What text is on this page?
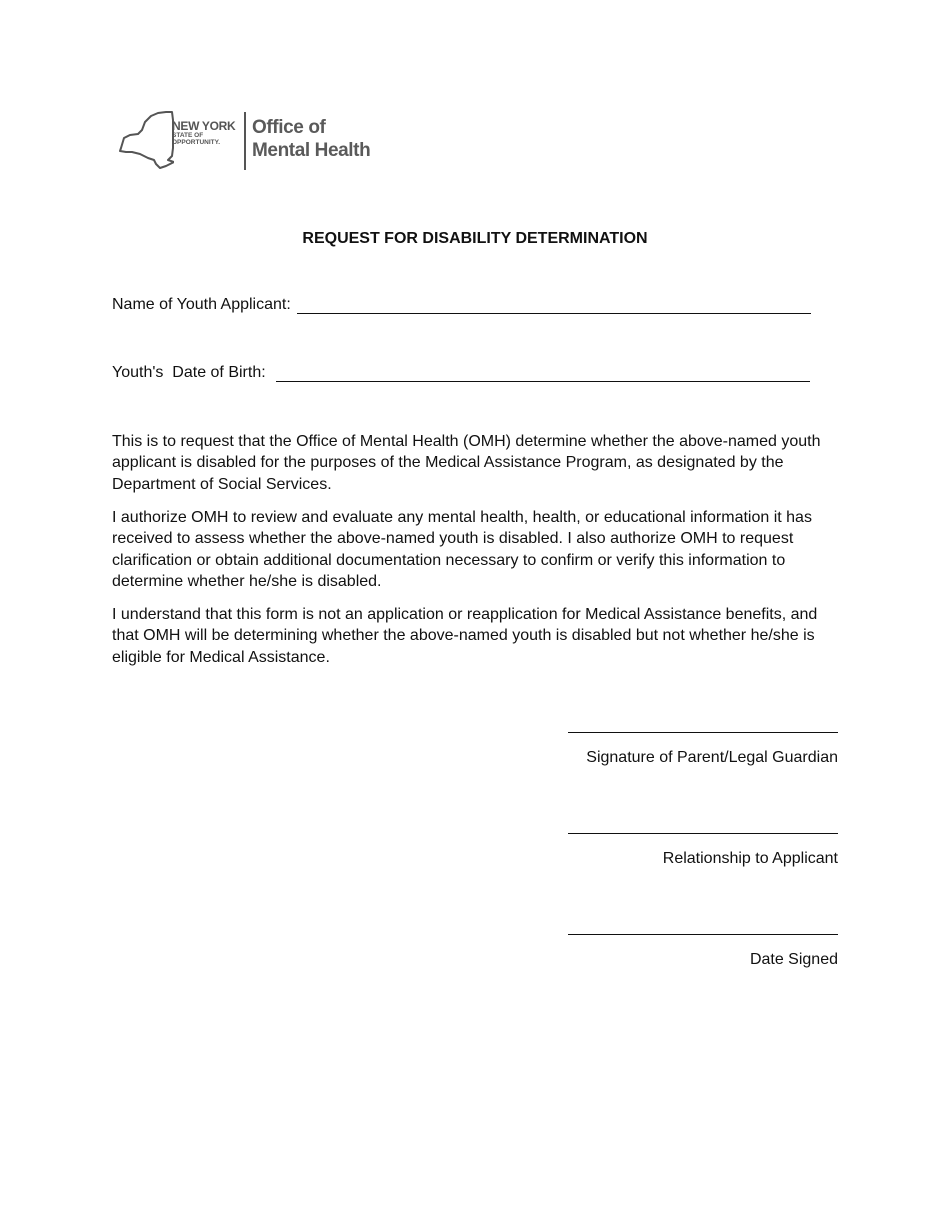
NEW YORK
STATE OF
OPPORTUNITY.
Office of
Mental Health
REQUEST FOR DISABILITY DETERMINATION
Name of Youth Applicant:
Youth's  Date of Birth:
This is to request that the Office of Mental Health (OMH) determine whether the above-named youth applicant is disabled for the purposes of the Medical Assistance Program, as designated by the Department of Social Services.
I authorize OMH to review and evaluate any mental health, health, or educational information it has received to assess whether the above-named youth is disabled. I also authorize OMH to request clarification or obtain additional documentation necessary to confirm or verify this information to determine whether he/she is disabled.
I understand that this form is not an application or reapplication for Medical Assistance benefits, and that OMH will be determining whether the above-named youth is disabled but not whether he/she is eligible for Medical Assistance.
Signature of Parent/Legal Guardian
Relationship to Applicant
Date Signed
